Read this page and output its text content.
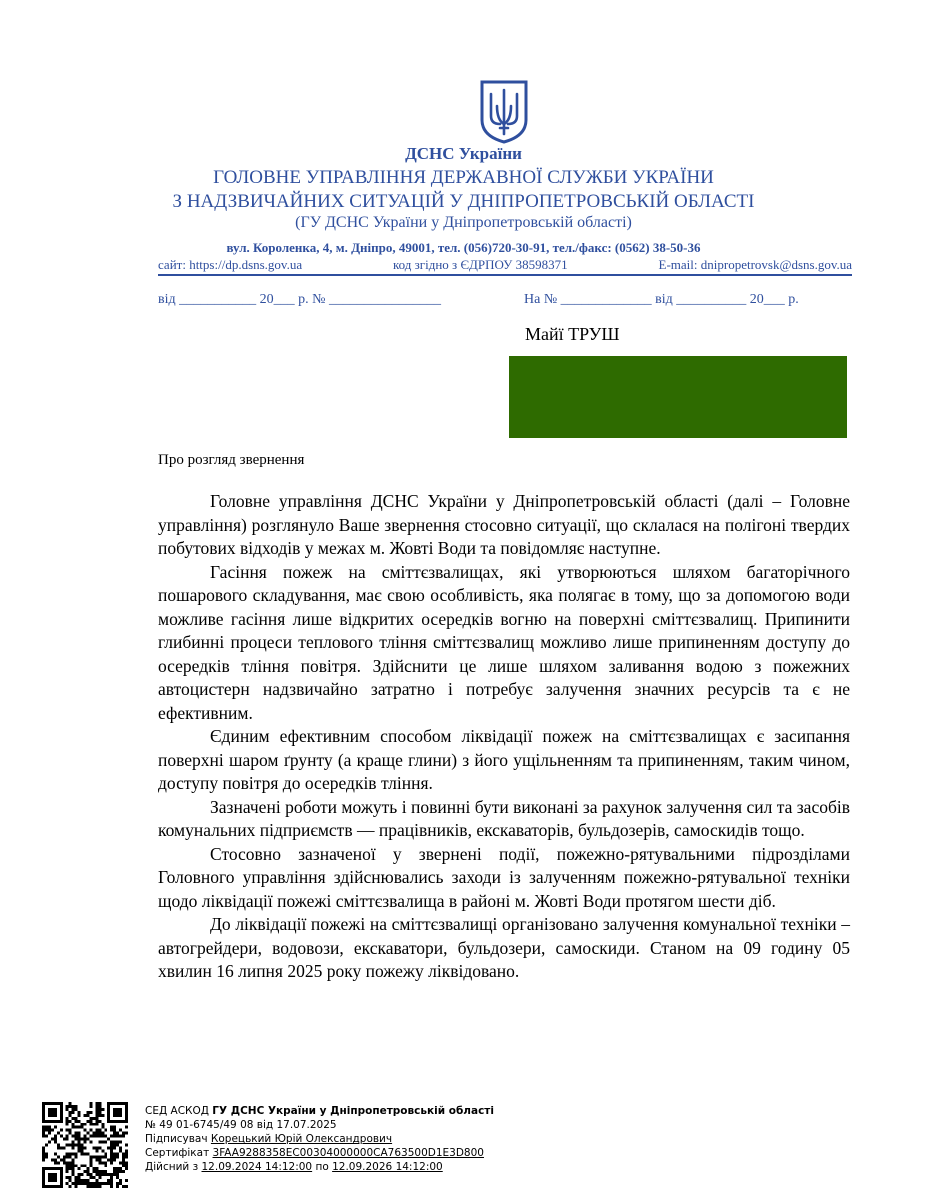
ДСНС України
ГОЛОВНЕ УПРАВЛІННЯ ДЕРЖАВНОЇ СЛУЖБИ УКРАЇНИ
З НАДЗВИЧАЙНИХ СИТУАЦІЙ У ДНІПРОПЕТРОВСЬКІЙ ОБЛАСТІ
(ГУ ДСНС України у Дніпропетровській області)
вул. Короленка, 4, м. Дніпро, 49001, тел. (056)720-30-91, тел./факс: (0562) 38-50-36
сайт: https://dp.dsns.gov.ua	код згідно з ЄДРПОУ 38598371	E-mail: dnipropetrovsk@dsns.gov.ua
від ___________ 20___ р. № ________________	На № _____________ від __________ 20___ р.
Майї ТРУШ
Про розгляд звернення

Головне управління ДСНС України у Дніпропетровській області (далі – Головне управління) розглянуло Ваше звернення стосовно ситуації, що склалася на полігоні твердих побутових відходів у межах м. Жовті Води та повідомляє наступне.

Гасіння пожеж на сміттєзвалищах, які утворюються шляхом багаторічного пошарового складування, має свою особливість, яка полягає в тому, що за допомогою води можливе гасіння лише відкритих осередків вогню на поверхні сміттєзвалищ. Припинити глибинні процеси теплового тління сміттєзвалищ можливо лише припиненням доступу до осередків тління повітря. Здійснити це лише шляхом заливання водою з пожежних автоцистерн надзвичайно затратно і потребує залучення значних ресурсів та є не ефективним.

Єдиним ефективним способом ліквідації пожеж на сміттєзвалищах є засипання поверхні шаром ґрунту (а краще глини) з його ущільненням та припиненням, таким чином, доступу повітря до осередків тління.

Зазначені роботи можуть і повинні бути виконані за рахунок залучення сил та засобів комунальних підприємств — працівників, екскаваторів, бульдозерів, самоскидів тощо.

Стосовно зазначеної у звернені події, пожежно-рятувальними підрозділами Головного управління здійснювались заходи із залученням пожежно-рятувальної техніки щодо ліквідації пожежі сміттєзвалища в районі м. Жовті Води протягом шести діб.

До ліквідації пожежі на сміттєзвалищі організовано залучення комунальної техніки – автогрейдери, водовози, екскаватори, бульдозери, самоскиди. Станом на 09 годину 05 хвилин 16 липня 2025 року пожежу ліквідовано.

СЕД АСКОД ГУ ДСНС України у Дніпропетровській області
№ 49 01-6745/49 08 від 17.07.2025
Підписувач Корецький Юрій Олександрович
Сертифікат 3FAA9288358EC00304000000CA763500D1E3D800
Дійсний з 12.09.2024 14:12:00 по 12.09.2026 14:12:00
